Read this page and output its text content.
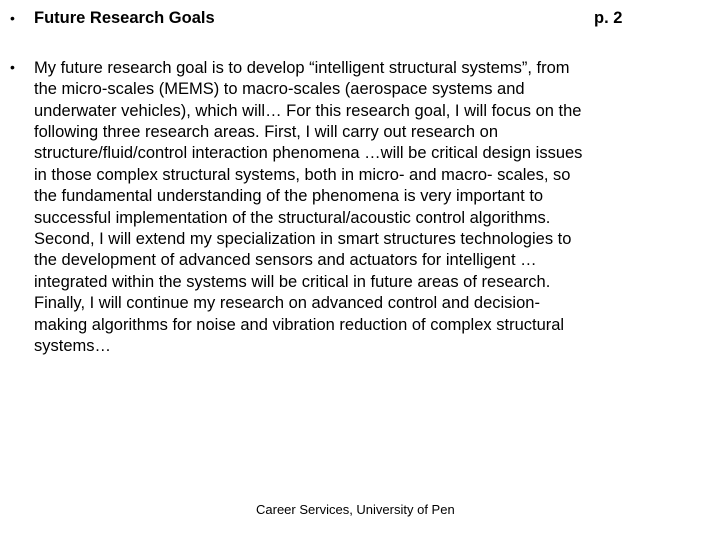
• Future Research Goals	p. 2
• My future research goal is to develop “intelligent structural systems”, from
the micro-scales (MEMS) to macro-scales (aerospace systems and
underwater vehicles), which will… For this research goal, I will focus on the
following three research areas. First, I will carry out research on
structure/fluid/control interaction phenomena …will be critical design issues
in those complex structural systems, both in micro- and macro- scales, so
the fundamental understanding of the phenomena is very important to
successful implementation of the structural/acoustic control algorithms.
Second, I will extend my specialization in smart structures technologies to
the development of advanced sensors and actuators for intelligent …
integrated within the systems will be critical in future areas of research.
Finally, I will continue my research on advanced control and decision-
making algorithms for noise and vibration reduction of complex structural
systems…
Career Services, University of Pen
